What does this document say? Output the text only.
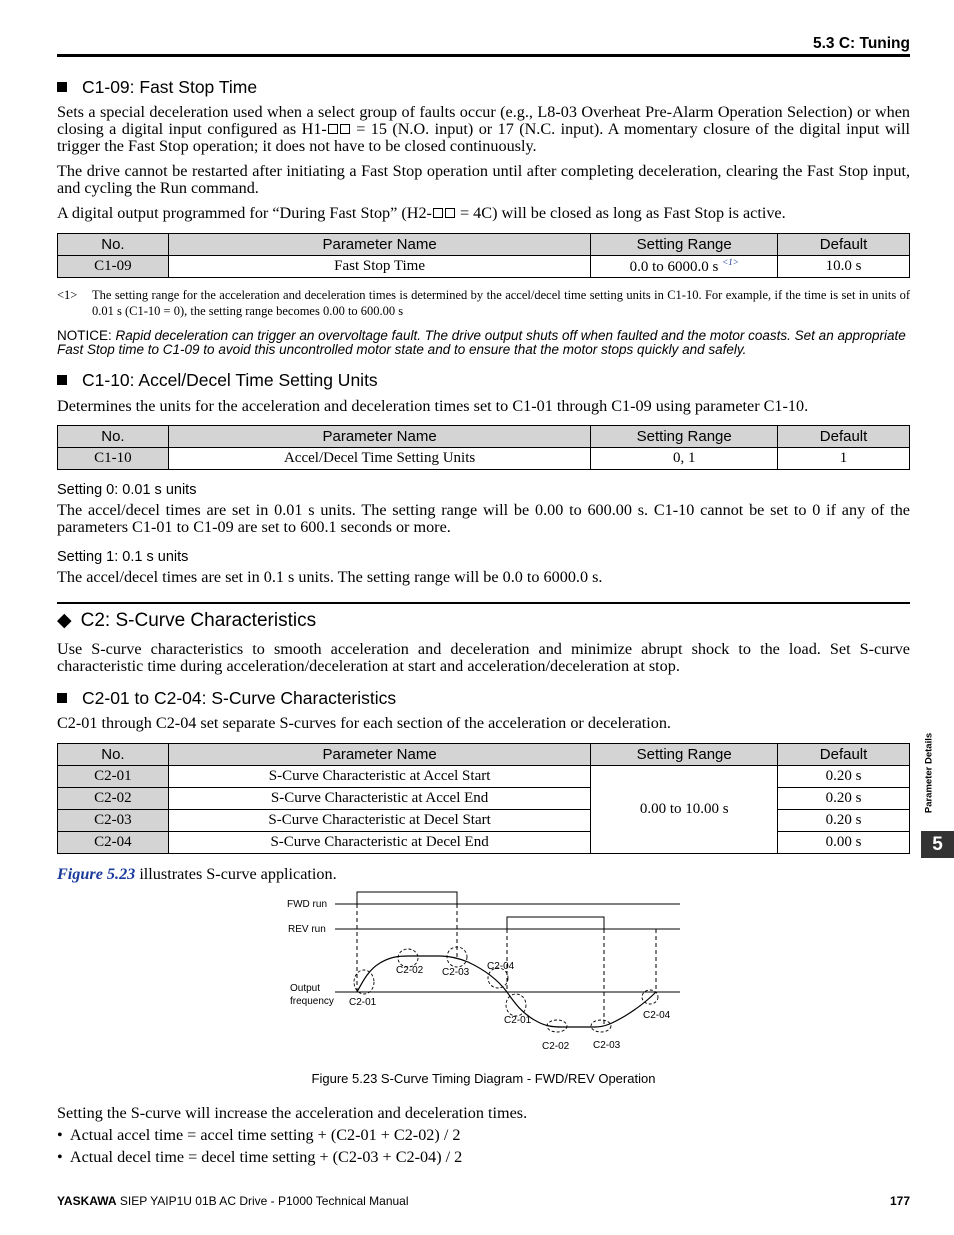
5.3 C: Tuning
C1-09: Fast Stop Time

Sets a special deceleration used when a select group of faults occur (e.g., L8-03 Overheat Pre-Alarm Operation Selection) or when closing a digital input configured as H1- = 15 (N.O. input) or 17 (N.C. input). A momentary closure of the digital input will trigger the Fast Stop operation; it does not have to be closed continuously.

The drive cannot be restarted after initiating a Fast Stop operation until after completing deceleration, clearing the Fast Stop input, and cycling the Run command.

A digital output programmed for “During Fast Stop” (H2- = 4C) will be closed as long as Fast Stop is active.

No.	Parameter Name	Setting Range	Default
C1-09	Fast Stop Time	0.0 to 6000.0 s $^{<1>}$	10.0 s
<1> The setting range for the acceleration and deceleration times is determined by the accel/decel time setting units in C1-10. For example, if the time is set in units of 0.01 s (C1-10 = 0), the setting range becomes 0.00 to 600.00 s
NOTICE: Rapid deceleration can trigger an overvoltage fault. The drive output shuts off when faulted and the motor coasts. Set an appropriate Fast Stop time to C1-09 to avoid this uncontrolled motor state and to ensure that the motor stops quickly and safely.
C1-10: Accel/Decel Time Setting Units

Determines the units for the acceleration and deceleration times set to C1-01 through C1-09 using parameter C1-10.

No.	Parameter Name	Setting Range	Default
C1-10	Accel/Decel Time Setting Units	0, 1	1
Setting 0: 0.01 s units

The accel/decel times are set in 0.01 s units. The setting range will be 0.00 to 600.00 s. C1-10 cannot be set to 0 if any of the parameters C1-01 to C1-09 are set to 600.1 seconds or more.

Setting 1: 0.1 s units

The accel/decel times are set in 0.1 s units. The setting range will be 0.0 to 6000.0 s.

◆ C2: S-Curve Characteristics

Use S-curve characteristics to smooth acceleration and deceleration and minimize abrupt shock to the load. Set S-curve characteristic time during acceleration/deceleration at start and acceleration/deceleration at stop.

C2-01 to C2-04: S-Curve Characteristics

C2-01 through C2-04 set separate S-curves for each section of the acceleration or deceleration.

No.	Parameter Name	Setting Range	Default
C2-01	S-Curve Characteristic at Accel Start	0.00 to 10.00 s	0.20 s
C2-02	S-Curve Characteristic at Accel End		0.20 s
C2-03	S-Curve Characteristic at Decel Start		0.20 s
C2-04	S-Curve Characteristic at Decel End		0.00 s

Figure 5.23 illustrates S-curve application.

FWD run
REV run
Output
frequency C2-01
C2-02 C2-03
C2-04
C2-01
C2-02 C2-03
C2-04
Figure 5.23 S-Curve Timing Diagram - FWD/REV Operation

Setting the S-curve will increase the acceleration and deceleration times.

• Actual accel time = accel time setting + (C2-01 + C2-02) / 2
• Actual decel time = decel time setting + (C2-03 + C2-04) / 2
Parameter Details
5
YASKAWA SIEP YAIP1U 01B AC Drive - P1000 Technical Manual	177
